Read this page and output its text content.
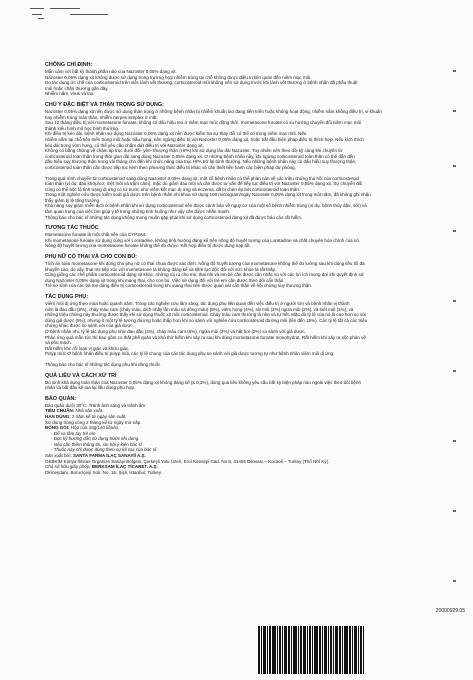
CHỐNG CHỈ ĐỊNH:

Mẫn cảm với bất kỳ thành phần nào của Nazoster 0,05% dạng xịt.

Nazoster 0,05% dạng xịt không được sử dụng trong trường hợp nhiễm trùng tại chỗ không được điều trị liên quan đến niêm mạc mũi.

Do tác dụng ức chế của corticosteroid trên việc lành vết thương, corticosteroid mũi không nên sử dụng trước khi lành vết thương ở bệnh nhân đã phẫu thuật

mũi hoặc chấn thương gần đây.

Nhiễm nấm, virus và lao.

CHÚ Ý ĐẶC BIỆT VÀ THẬN TRỌNG SỬ DỤNG:

Nazoster 0,05% dạng xịt nên được sử dụng thận trọng ở những bệnh nhân bị nhiễm khuẩn lao đang tiến triển hoặc không hoạt động, nhiễm nấm không điều trị, vi khuẩn

hay nhiễm trùng toàn thân, nhiễm herpes simplex ở mắt.

Sau 12 tháng điều trị với mometasone furoate, không có dấu hiệu teo ở niêm mạc mũi; đồng thời, mometasone furoate có xu hướng chuyển đổi niêm mạc mũi

thành kiểu hình mô học bình thường.

Khi điều trị kéo dài, bệnh nhân sử dụng Nazoster 0,05% dạng xịt nên được kiểm tra sự thay đổi có thể có trong niêm mạc mũi. Nếu

nhiễm nấm tại chỗ tiến triển trong mũi hoặc hầu họng, nên ngừng điều trị với Nazoster 0,05% dạng xịt, hoặc bắt đầu biện pháp điều trị thích hợp. Nếu kích thích

kéo dài trong vòm họng, có thể yêu cầu chấm dứt điều trị với Nazoster dạng xịt.

Không có bằng chứng về chậm áp trục dưới đồi- yên- thượng thận (HPA) khi sử dụng lâu dài Nazoster. Tuy nhiên nên theo dõi kỹ càng khi chuyển từ

corticosteroid toàn thân trong thời gian dài sang dùng Nazoster 0,05% dạng xịt. Ở những bệnh nhân này, khi ngừng corticosteroid toàn thân có thể dẫn đến

dấu hiệu suy thượng thận trong vài tháng cho đến khi chức năng của trục HPA trở lại bình thường. Nếu những bệnh nhân này có dấu hiệu suy thượng thận,

corticosteroid toàn thân cần được tiếp tục kèm theo phương thức điều trị khác và cần thiết tiến hành các biện pháp dự phòng.

Trong quá trình chuyển từ corticosteroid sang dùng Nazoster 0,05% dạng xịt, một số bệnh nhân có thể phàn nàn về các triệu chứng thu hồi của corticosteroid

toàn thân (ví dụ: đau khớp/cơ, mệt mỏi và trầm cảm), mặc dù giảm đau mũi và cần được tư vấn để tiếp tục điều trị với Nazoster 0,05% dạng xịt. Sự chuyển đổi

cũng có thể bộc lộ tình trạng dị ứng có từ trước như viêm kết mạc dị ứng và eczema, đã bị chèn ép bởi corticosteroid toàn thân.

Trong một nghiên cứu được kiểm soát giả dược trên bệnh nhân nhi khoa sử dụng 100 microgram/ngày Nazoster 0,05% dạng xịt trong một năm, đã không ghi nhận

thấy giảm tỷ lệ tăng trưởng.

Khả năng suy giảm miễn dịch ở bệnh nhân khi sử dụng corticosteroid nên được cảnh báo về nguy cơ của một số bệnh nhiễm trùng (ví dụ: bệnh thủy đậu, sởi) và

tầm quan trọng của việc tìm giúp y tế trong những tình huống như vậy cần được nhấn mạnh.

Thông báo cho bác sĩ những tác dụng không mong muốn gặp phải khi sử dụng corticosteroid dạng xịt đã được báo cáo rất hiếm.

TƯƠNG TÁC THUỐC

Mometasone furoate là một chất nền của CYP3A4.

Khi mometasone furoate sử dụng cùng với Loratadine, không ảnh hưởng đáng kể trên nồng độ huyết tương của Loratadine và chất chuyển hóa chính của nó.

Nồng độ huyết tương của mometasone furoate không thể đo được. Kết hợp điều trị được dung nạp tốt.

PHỤ NỮ CÓ THAI VÀ CHO CON BÚ:

Tính an toàn mometasone khi dùng cho phụ nữ có thai chưa được xác định. Nồng độ huyết tương của mometasone không thể đo lường sau khi dùng liều tối đa

khuyến cáo, do vậy, thai nhi tiếp xúc với mometasone là không đáng kể và tiềm lực độc đối với sức khỏe là rất thấp.

Cũng giống các chế phẩm corticosteroid dạng xịt khác, những rủi ro cho mẹ, thai nhi và em bé cần được cân nhắc so với các lợi ích mong đợi khi quyết định sử

dụng Nazoster 0,05% dạng xịt trong khi mang thai, cho con bú. Việc sử dụng đối với trẻ em cần được theo dõi cẩn thận.

Trẻ sơ sinh của các bà mẹ dùng điều trị corticosteroid trong khi mang thai nên được quan sát cẩn thận về hội chứng suy thượng thận.

TÁC DỤNG PHỤ:

Viêm mũi dị ứng theo mùa hoặc quanh năm: Trong các nghiên cứu lâm sàng, tác dụng phụ liên quan đến việc điều trị ở người lớn và bệnh nhân vị thành

niên là đau đầu (8%), chảy máu cam (chảy máu, dịch nhầy lẫn máu và đông máu) (8%), viêm họng (4%), rát mũi (2%) ngứa mũi (2%), và loét mũi (1%), và

những triệu chứng này thường được thấy khi sử dụng thuốc xịt mũi corticosteroid. Chảy máu cam thường là nhẹ và tự hết. Mặc dù tỷ lệ của nó là cao hơn so với

dùng giả dược (5%), nhưng ít một tỷ lệ tương đương hoặc thấp hơn khi so sánh với nghiên cứu corticosteroid đường mũi (lên đến 15%). Các tỷ lệ tất cả các triệu

chứng khác được so sánh với của giả dược.

Ở bệnh nhân nhi, tỷ lệ tác dụng phụ như đau đầu (3%), chảy máu cam (6%), ngứa mũi (2%) và hắt hơi (2%) so sánh với giả dược.

Phản ứng quá mẫn tức thì bao gồm co thắt phế quản và khó thở hiếm khi xảy ra sau khi dùng mometasone furoate monohydrat. Rất hiếm khi xảy ra sốc phản vệ

và phù mạch.

Rất hiếm khi: rối loạn vị giác và khứu giác.

Polyp mũi: Ở bệnh nhân điều trị polyp mũi, các tỷ lệ chung của các tác dụng phụ so sánh với giả dược tương tự như bệnh nhân viêm mũi dị ứng.

Thông báo cho bác sĩ những tác dụng phụ khi dùng thuốc

QUÁ LIỀU VÀ CÁCH XỬ TRÍ

Do sinh khả dụng toàn thân của Nazoster 0,05% dạng xịt không đáng kể (≤ 0,1%), dùng quá liều không yêu cầu bất kỳ biện pháp nào ngoài việc theo dõi bệnh

nhân và bắt đầu kê toa lại liều dùng phù hợp.

BẢO QUẢN:

Bảo quản dưới 30°C. Tránh ánh sáng và tránh ẩm

TIÊU CHUẨN: Nhà sản xuất.

HẠN DÙNG: 2 năm kể từ ngày sản xuất.

Sử dụng trong vòng 2 tháng kể từ ngày mở nắp.

ĐÓNG GÓI: Hộp của 18g/140 liều/lọ.

- Để xa tầm tay trẻ em

- Đọc kỹ hướng dẫn sử dụng trước khi dùng.

- Nếu cần thêm thông tin, xin hỏi ý kiến bác sĩ

- Thuốc này chỉ được dùng theo sự kê toa của bác sĩ.

Sản xuất bởi: SANTA FARMA İLAÇ SANAYİİ A.Ş.

GEBKİM Kimya İhtisas Organize Sanayi Bölgesi, Çerkeşli Yolu Üzeri, Erol Kiresepi Cad. No 8, 41455 Dilovası – Kocaeli – Turkey (Thổ Nhĩ Kỳ).

Chủ sở hữu giấy phép: BERKSAM İLAÇ TİCARET. A.Ş.

Okmeydanı, Boruciçeşi Sok. No. 16, Şişli, İstanbul, Turkey.

20000929.05
